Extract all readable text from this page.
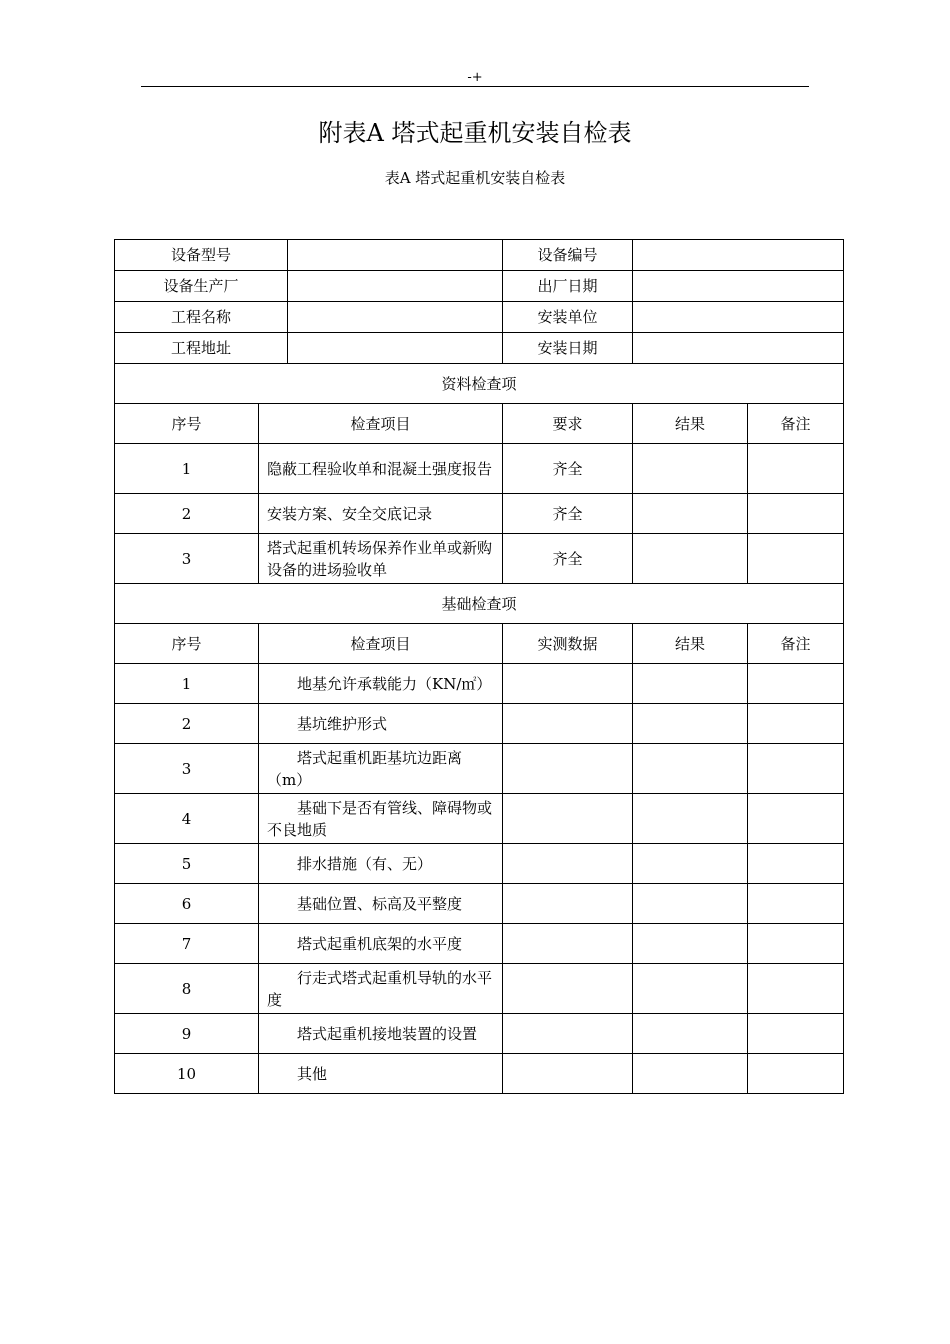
-+
附表A 塔式起重机安装自检表
表A 塔式起重机安装自检表
设备型号			设备编号		
设备生产厂			出厂日期		
工程名称			安装单位		
工程地址			安装日期		
资料检查项					
序号	检查项目		要求	结果	备注
1	隐蔽工程验收单和混凝土强度报告		齐全		
2	安装方案、安全交底记录		齐全		
3	塔式起重机转场保养作业单或新购设备的进场验收单		齐全		
基础检查项					
序号	检查项目		实测数据	结果	备注
1	地基允许承载能力（KN/㎡）				
2	基坑维护形式				
3	塔式起重机距基坑边距离（m）				
4	基础下是否有管线、障碍物或不良地质				
5	排水措施（有、无）				
6	基础位置、标高及平整度				
7	塔式起重机底架的水平度				
8	行走式塔式起重机导轨的水平度				
9	塔式起重机接地装置的设置				
10	其他				
